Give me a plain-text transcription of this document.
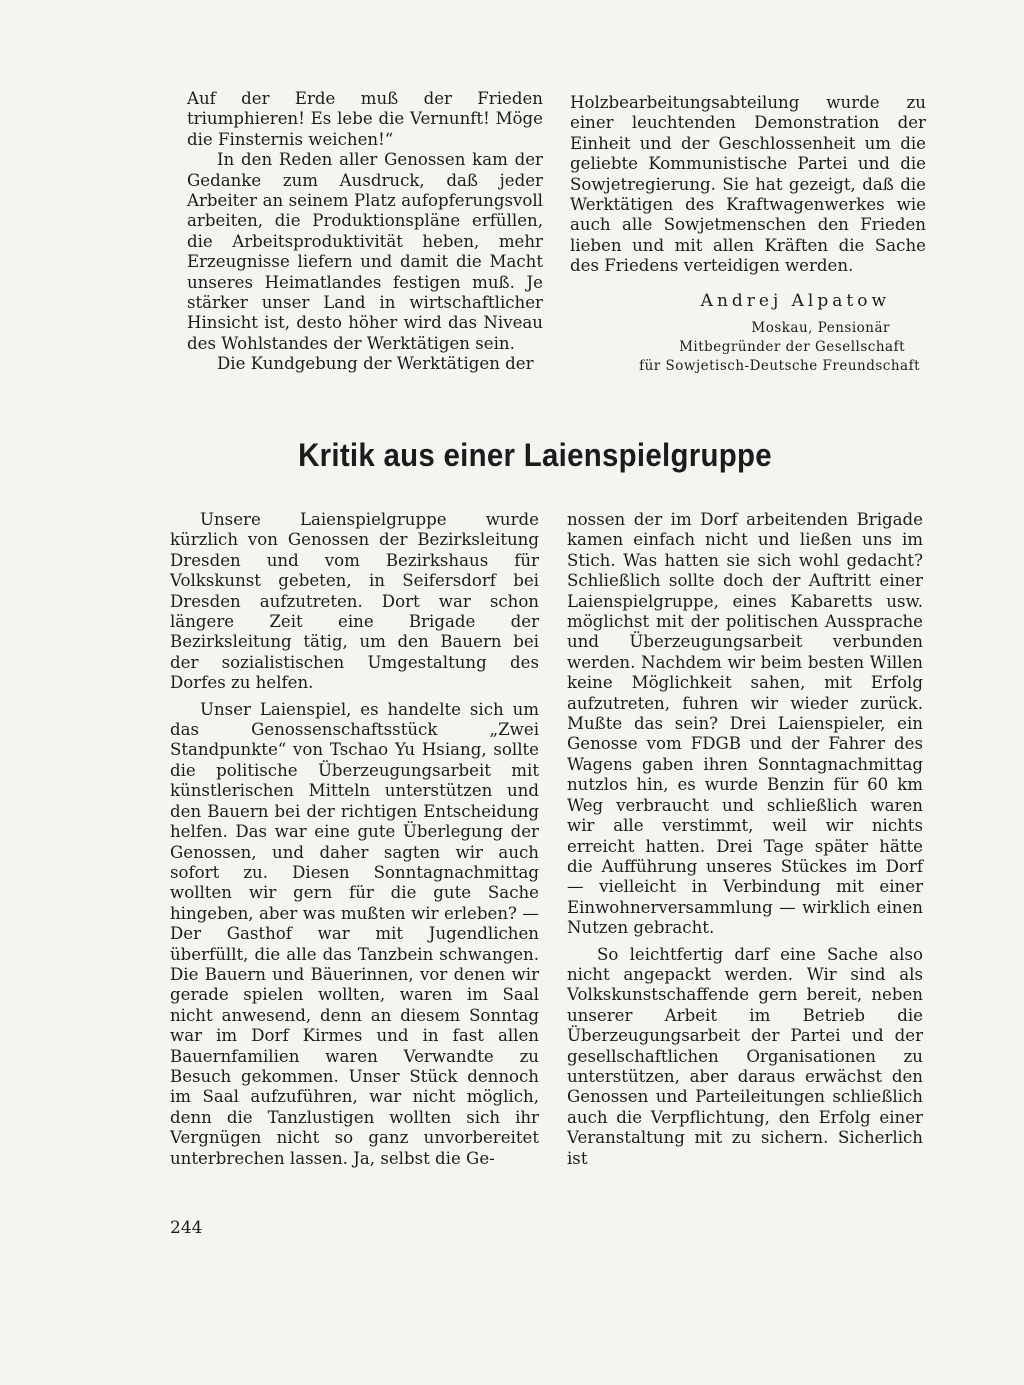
Auf der Erde muß der Frieden triumphieren! Es lebe die Vernunft! Möge die Finsternis weichen!“

In den Reden aller Genossen kam der Gedanke zum Ausdruck, daß jeder Arbeiter an seinem Platz aufopferungsvoll arbeiten, die Produktionspläne erfüllen, die Arbeitsproduktivität heben, mehr Erzeugnisse liefern und damit die Macht unseres Heimatlandes festigen muß. Je stärker unser Land in wirtschaftlicher Hinsicht ist, desto höher wird das Niveau des Wohlstandes der Werktätigen sein.

Die Kundgebung der Werktätigen der

Holzbearbeitungsabteilung wurde zu einer leuchtenden Demonstration der Einheit und der Geschlossenheit um die geliebte Kommunistische Partei und die Sowjetregierung. Sie hat gezeigt, daß die Werktätigen des Kraftwagenwerkes wie auch alle Sowjetmenschen den Frieden lieben und mit allen Kräften die Sache des Friedens verteidigen werden.

Andrej Alpatow
Moskau, Pensionär
Mitbegründer der Gesellschaft
für Sowjetisch-Deutsche Freundschaft
Kritik aus einer Laienspielgruppe

Unsere Laienspielgruppe wurde kürzlich von Genossen der Bezirksleitung Dresden und vom Bezirkshaus für Volkskunst gebeten, in Seifersdorf bei Dresden aufzutreten. Dort war schon längere Zeit eine Brigade der Bezirksleitung tätig, um den Bauern bei der sozialistischen Umgestaltung des Dorfes zu helfen.

Unser Laienspiel, es handelte sich um das Genossenschaftsstück „Zwei Standpunkte“ von Tschao Yu Hsiang, sollte die politische Überzeugungsarbeit mit künstlerischen Mitteln unterstützen und den Bauern bei der richtigen Entscheidung helfen. Das war eine gute Überlegung der Genossen, und daher sagten wir auch sofort zu. Diesen Sonntagnachmittag wollten wir gern für die gute Sache hingeben, aber was mußten wir erleben? — Der Gasthof war mit Jugendlichen überfüllt, die alle das Tanzbein schwangen. Die Bauern und Bäuerinnen, vor denen wir gerade spielen wollten, waren im Saal nicht anwesend, denn an diesem Sonntag war im Dorf Kirmes und in fast allen Bauernfamilien waren Verwandte zu Besuch gekommen. Unser Stück dennoch im Saal aufzuführen, war nicht möglich, denn die Tanzlustigen wollten sich ihr Vergnügen nicht so ganz unvorbereitet unterbrechen lassen. Ja, selbst die Ge-

nossen der im Dorf arbeitenden Brigade kamen einfach nicht und ließen uns im Stich. Was hatten sie sich wohl gedacht? Schließlich sollte doch der Auftritt einer Laienspielgruppe, eines Kabaretts usw. möglichst mit der politischen Aussprache und Überzeugungsarbeit verbunden werden. Nachdem wir beim besten Willen keine Möglichkeit sahen, mit Erfolg aufzutreten, fuhren wir wieder zurück. Mußte das sein? Drei Laienspieler, ein Genosse vom FDGB und der Fahrer des Wagens gaben ihren Sonntagnachmittag nutzlos hin, es wurde Benzin für 60 km Weg verbraucht und schließlich waren wir alle verstimmt, weil wir nichts erreicht hatten. Drei Tage später hätte die Aufführung unseres Stückes im Dorf — vielleicht in Verbindung mit einer Einwohnerversammlung — wirklich einen Nutzen gebracht.

So leichtfertig darf eine Sache also nicht angepackt werden. Wir sind als Volkskunstschaffende gern bereit, neben unserer Arbeit im Betrieb die Überzeugungsarbeit der Partei und der gesellschaftlichen Organisationen zu unterstützen, aber daraus erwächst den Genossen und Parteileitungen schließlich auch die Verpflichtung, den Erfolg einer Veranstaltung mit zu sichern. Sicherlich ist

244
